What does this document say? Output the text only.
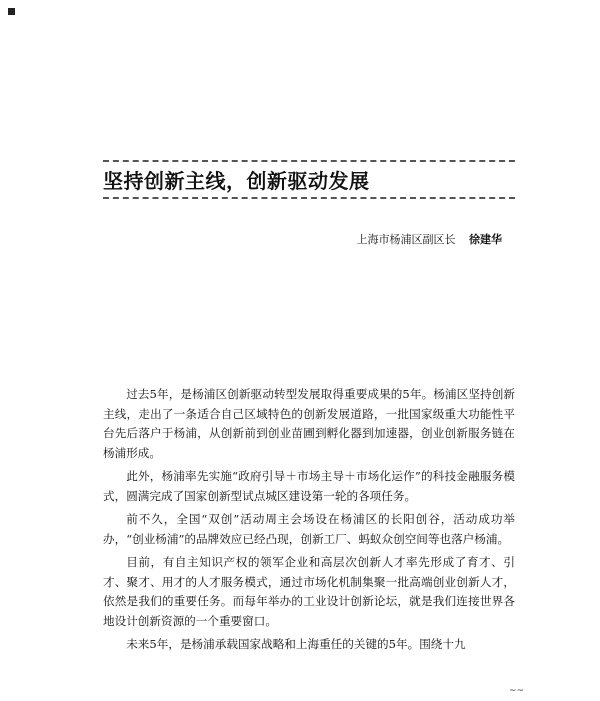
坚持创新主线，创新驱动发展
上海市杨浦区副区长 徐建华

过去5年，是杨浦区创新驱动转型发展取得重要成果的5年。杨浦区坚持创新主线，走出了一条适合自己区域特色的创新发展道路，一批国家级重大功能性平台先后落户于杨浦，从创新前到创业苗圃到孵化器到加速器，创业创新服务链在杨浦形成。

此外，杨浦率先实施“政府引导＋市场主导＋市场化运作”的科技金融服务模式，圆满完成了国家创新型试点城区建设第一轮的各项任务。

前不久，全国“双创”活动周主会场设在杨浦区的长阳创谷，活动成功举办，“创业杨浦”的品牌效应已经凸现，创新工厂、蚂蚁众创空间等也落户杨浦。

目前，有自主知识产权的领军企业和高层次创新人才率先形成了育才、引才、聚才、用才的人才服务模式，通过市场化机制集聚一批高端创业创新人才，依然是我们的重要任务。而每年举办的工业设计创新论坛，就是我们连接世界各地设计创新资源的一个重要窗口。

未来5年，是杨浦承载国家战略和上海重任的关键的5年。围绕十九

~~
